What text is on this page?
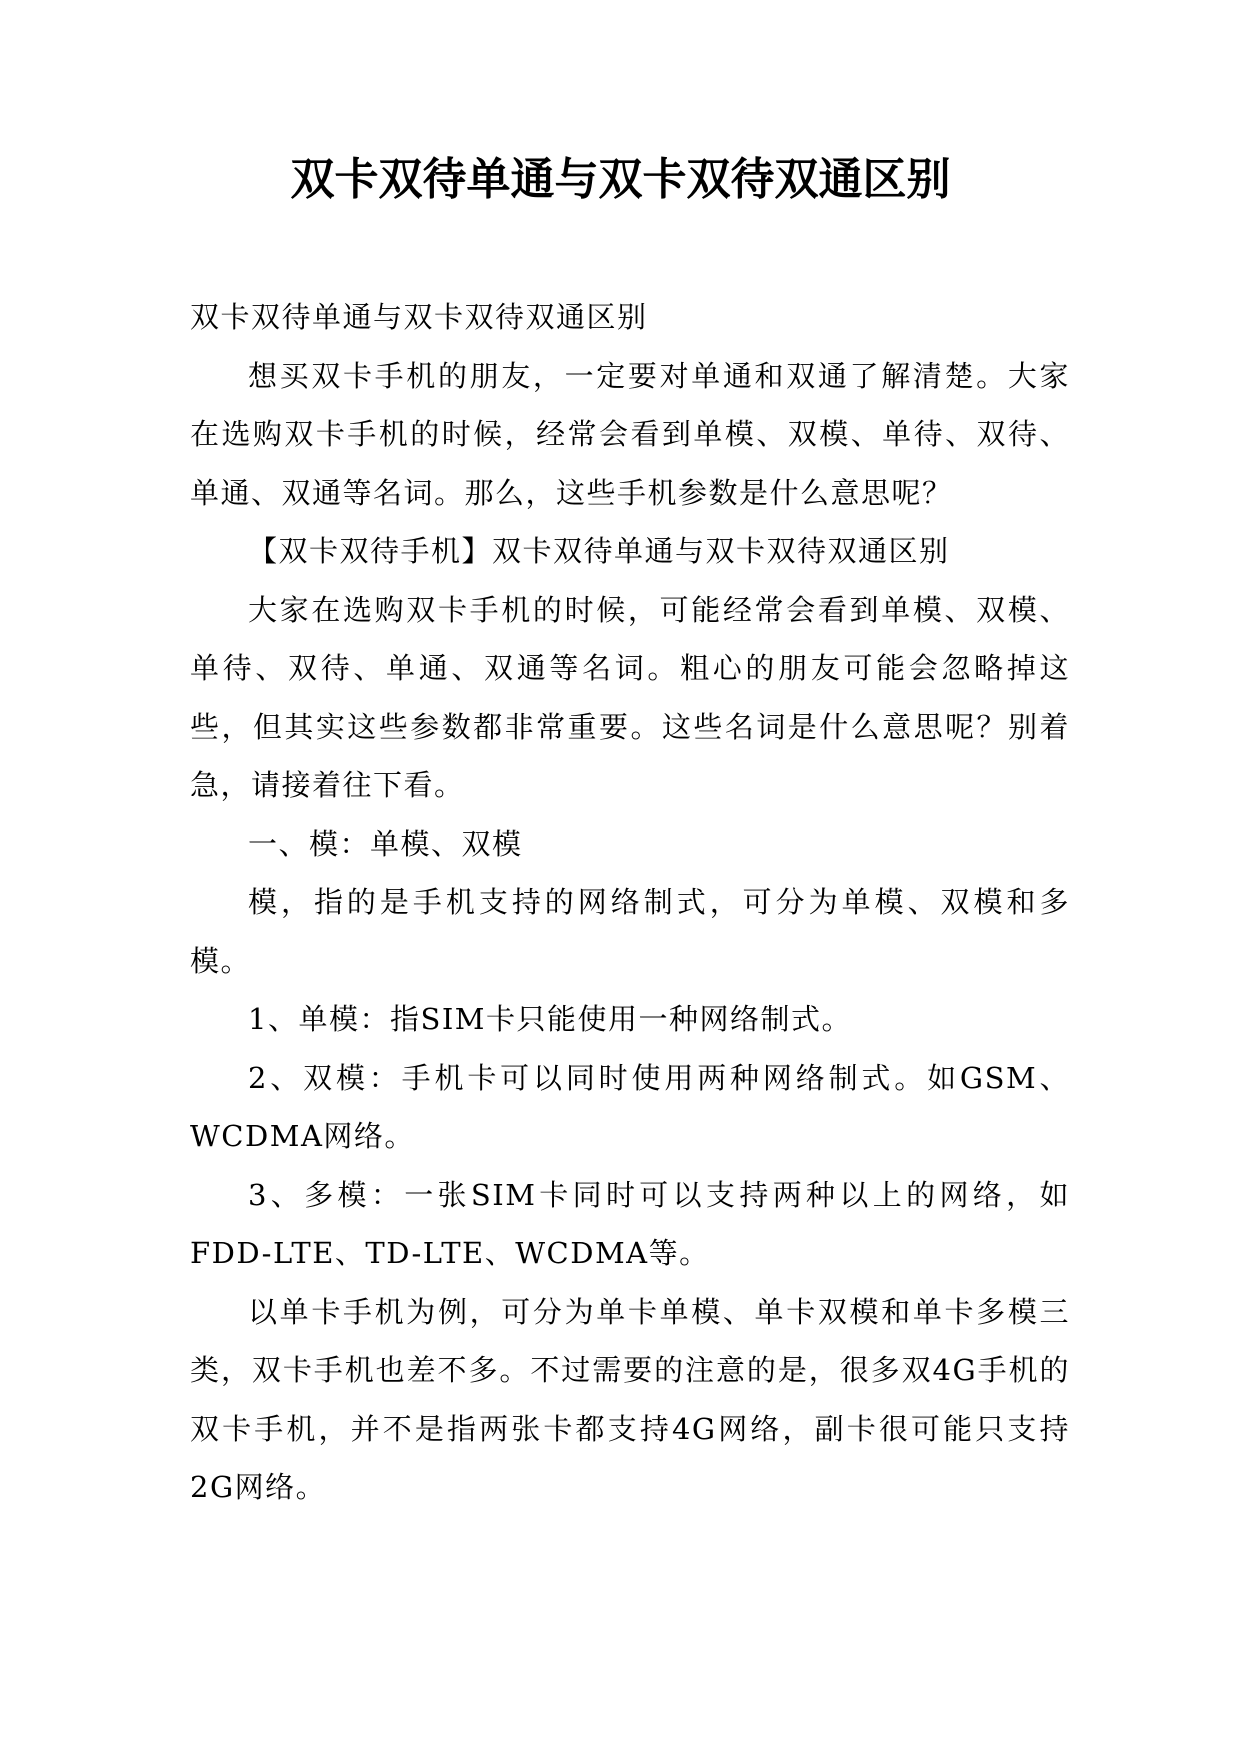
双卡双待单通与双卡双待双通区别

双卡双待单通与双卡双待双通区别

想买双卡手机的朋友，一定要对单通和双通了解清楚。大家在选购双卡手机的时候，经常会看到单模、双模、单待、双待、单通、双通等名词。那么，这些手机参数是什么意思呢？

【双卡双待手机】双卡双待单通与双卡双待双通区别

大家在选购双卡手机的时候，可能经常会看到单模、双模、单待、双待、单通、双通等名词。粗心的朋友可能会忽略掉这些，但其实这些参数都非常重要。这些名词是什么意思呢？别着急，请接着往下看。

一、模：单模、双模

模，指的是手机支持的网络制式，可分为单模、双模和多模。

1、单模：指SIM卡只能使用一种网络制式。

2、双模：手机卡可以同时使用两种网络制式。如GSM、WCDMA网络。

3、多模：一张SIM卡同时可以支持两种以上的网络，如FDD-LTE、TD-LTE、WCDMA等。

以单卡手机为例，可分为单卡单模、单卡双模和单卡多模三类，双卡手机也差不多。不过需要的注意的是，很多双4G手机的双卡手机，并不是指两张卡都支持4G网络，副卡很可能只支持2G网络。
